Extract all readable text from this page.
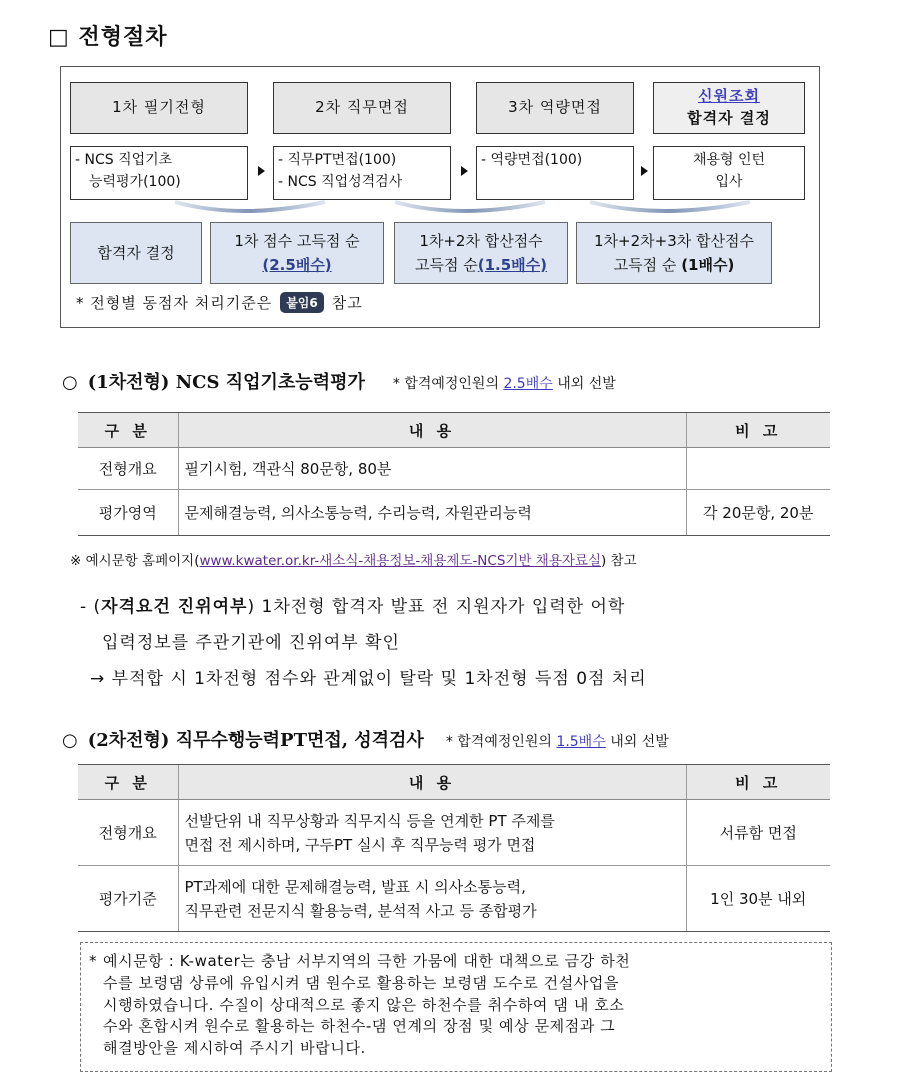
□ 전형절차
1차 필기전형	2차 직무면접	3차 역량면접
신원조회
합격자 결정
- NCS 직업기초
능력평가(100)
- 직무PT면접(100)
- NCS 직업성격검사
- 역량면접(100)	채용형 인턴
입사
합격자 결정
1차 점수 고득점 순
(2.5배수)
1차+2차 합산점수
고득점 순(1.5배수)
1차+2차+3차 합산점수
고득점 순 (1배수)
* 전형별 동점자 처리기준은	붙임6 참고
○ (1차전형) NCS 직업기초능력평가 * 합격예정인원의 2.5배수 내외 선발
구 분	내 용	비 고
전형개요	필기시험, 객관식 80문항, 80분	
평가영역	문제해결능력, 의사소통능력, 수리능력, 자원관리능력	각 20문항, 20분
※ 예시문항 홈페이지(www.kwater.or.kr-새소식-채용정보-채용제도-NCS기반 채용자료실) 참고
- (자격요건 진위여부) 1차전형 합격자 발표 전 지원자가 입력한 어학
입력정보를 주관기관에 진위여부 확인
→ 부적합 시 1차전형 점수와 관계없이 탈락 및 1차전형 득점 0점 처리
○ (2차전형) 직무수행능력PT면접, 성격검사 * 합격예정인원의 1.5배수 내외 선발
구 분	내 용	비 고
전형개요	선발단위 내 직무상황과 직무지식 등을 연계한 PT 주제를
면접 전 제시하며, 구두PT 실시 후 직무능력 평가 면접	서류함 면접
평가기준	PT과제에 대한 문제해결능력, 발표 시 의사소통능력,
직무관련 전문지식 활용능력, 분석적 사고 등 종합평가	1인 30분 내외
* 예시문항 : K-water는 충남 서부지역의 극한 가뭄에 대한 대책으로 금강 하천
수를 보령댐 상류에 유입시켜 댐 원수로 활용하는 보령댐 도수로 건설사업을
시행하였습니다. 수질이 상대적으로 좋지 않은 하천수를 취수하여 댐 내 호소
수와 혼합시켜 원수로 활용하는 하천수-댐 연계의 장점 및 예상 문제점과 그
해결방안을 제시하여 주시기 바랍니다.
